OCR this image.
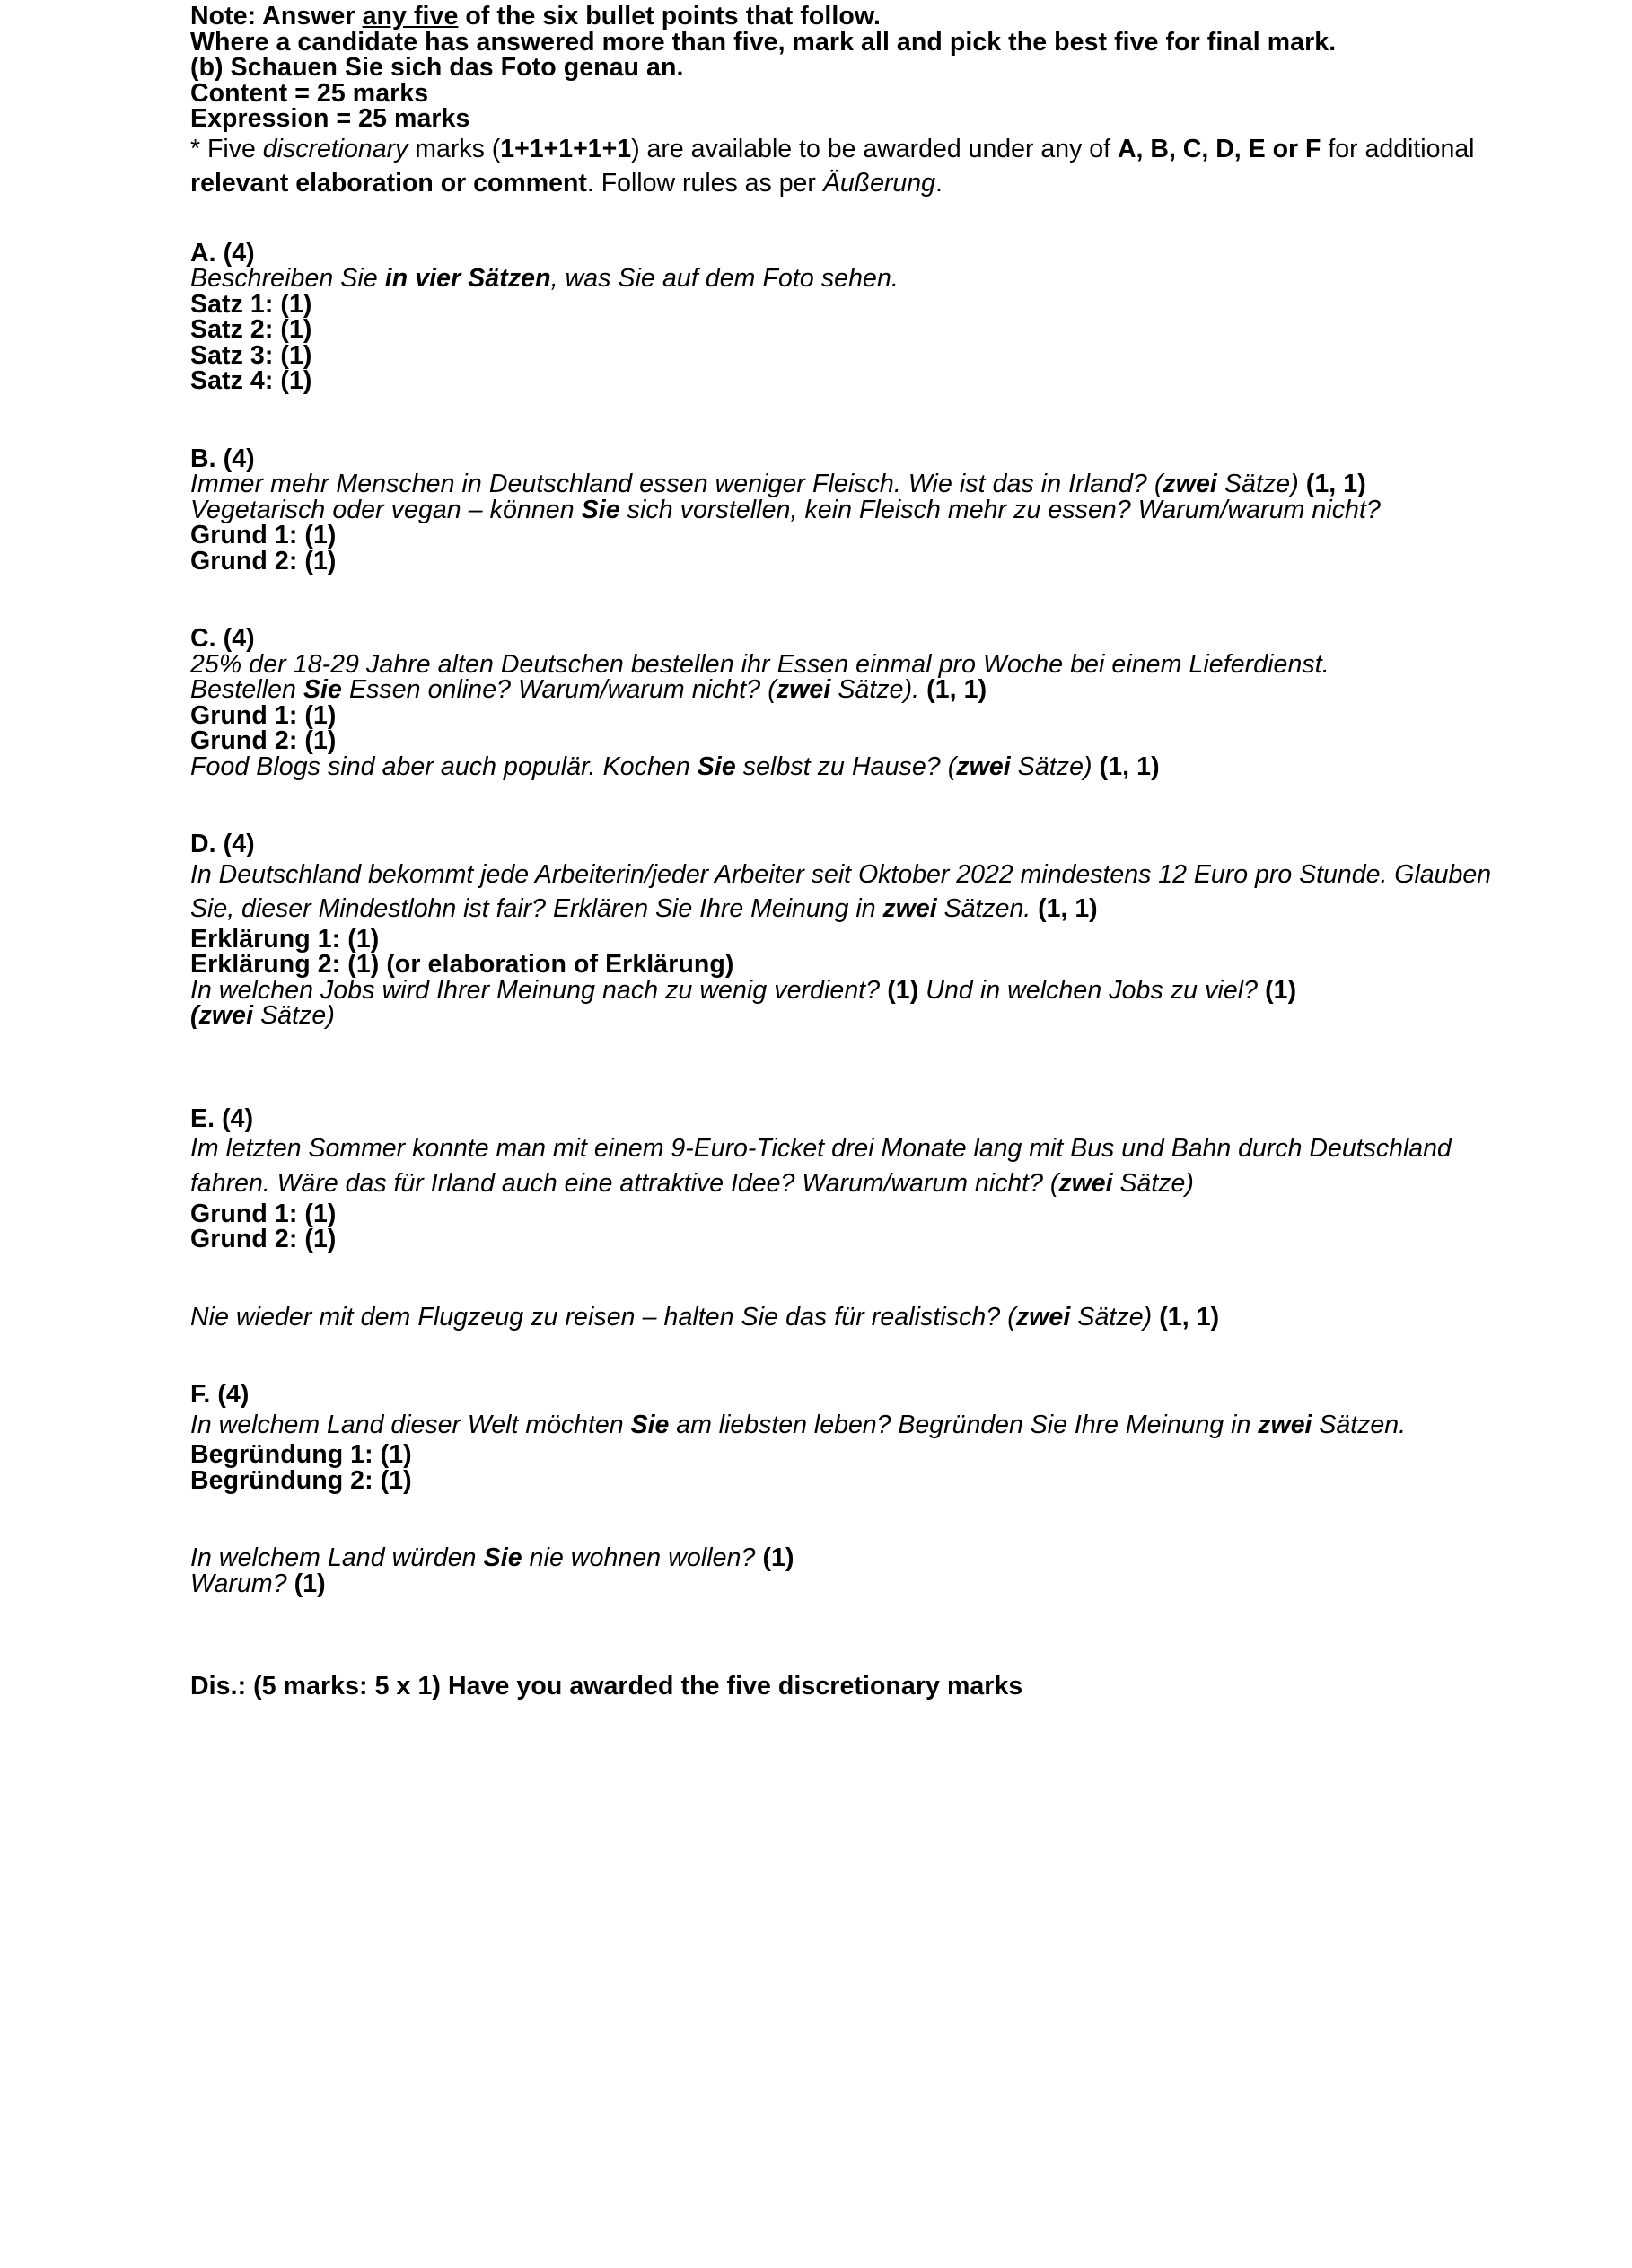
Note: Answer any five of the six bullet points that follow.
Where a candidate has answered more than five, mark all and pick the best five for final mark.
(b) Schauen Sie sich das Foto genau an.
Content = 25 marks
Expression = 25 marks
* Five discretionary marks (1+1+1+1+1) are available to be awarded under any of A, B, C, D, E or F for additional relevant elaboration or comment. Follow rules as per Äußerung.
A. (4)
Beschreiben Sie in vier Sätzen, was Sie auf dem Foto sehen.
Satz 1: (1)
Satz 2: (1)
Satz 3: (1)
Satz 4: (1)
B. (4)
Immer mehr Menschen in Deutschland essen weniger Fleisch. Wie ist das in Irland? (zwei Sätze) (1, 1)
Vegetarisch oder vegan – können Sie sich vorstellen, kein Fleisch mehr zu essen? Warum/warum nicht?
Grund 1: (1)
Grund 2: (1)
C. (4)
25% der 18-29 Jahre alten Deutschen bestellen ihr Essen einmal pro Woche bei einem Lieferdienst.
Bestellen Sie Essen online? Warum/warum nicht? (zwei Sätze). (1, 1)
Grund 1: (1)
Grund 2: (1)
Food Blogs sind aber auch populär. Kochen Sie selbst zu Hause? (zwei Sätze) (1, 1)
D. (4)
In Deutschland bekommt jede Arbeiterin/jeder Arbeiter seit Oktober 2022 mindestens 12 Euro pro Stunde. Glauben Sie, dieser Mindestlohn ist fair? Erklären Sie Ihre Meinung in zwei Sätzen. (1, 1)
Erklärung 1: (1)
Erklärung 2: (1) (or elaboration of Erklärung)
In welchen Jobs wird Ihrer Meinung nach zu wenig verdient? (1) Und in welchen Jobs zu viel? (1)
(zwei Sätze)
E. (4)
Im letzten Sommer konnte man mit einem 9-Euro-Ticket drei Monate lang mit Bus und Bahn durch Deutschland fahren. Wäre das für Irland auch eine attraktive Idee? Warum/warum nicht? (zwei Sätze)
Grund 1: (1)
Grund 2: (1)
Nie wieder mit dem Flugzeug zu reisen – halten Sie das für realistisch? (zwei Sätze) (1, 1)
F. (4)
In welchem Land dieser Welt möchten Sie am liebsten leben? Begründen Sie Ihre Meinung in zwei Sätzen.
Begründung 1: (1)
Begründung 2: (1)
In welchem Land würden Sie nie wohnen wollen? (1)
Warum? (1)
Dis.: (5 marks: 5 x 1) Have you awarded the five discretionary marks
